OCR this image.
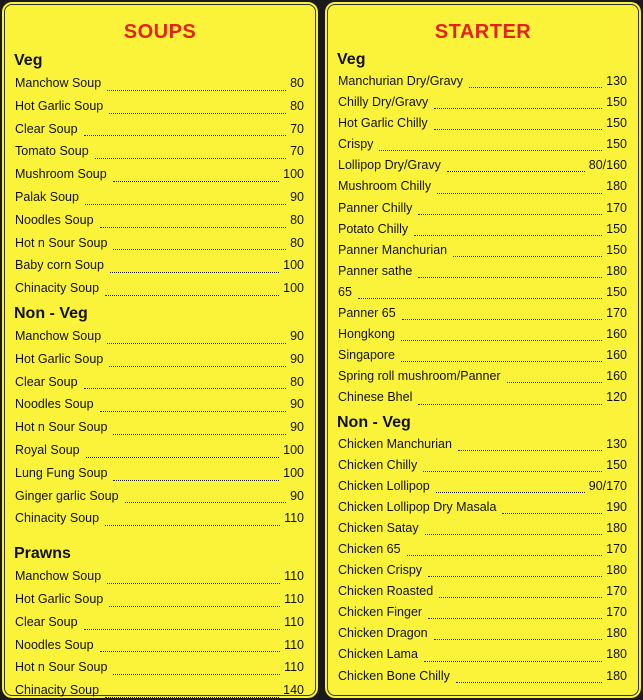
SOUPS
Veg
Manchow Soup	80
Hot Garlic Soup	80
Clear Soup	70
Tomato Soup	70
Mushroom Soup	100
Palak Soup	90
Noodles Soup	80
Hot n Sour Soup	80
Baby corn Soup	100
Chinacity Soup	100
Non - Veg
Manchow Soup	90
Hot Garlic Soup	90
Clear Soup	80
Noodles Soup	90
Hot n Sour Soup	90
Royal Soup	100
Lung Fung Soup	100
Ginger garlic Soup	90
Chinacity Soup	110
Prawns
Manchow Soup	110
Hot Garlic Soup	110
Clear Soup	110
Noodles Soup	110
Hot n Sour Soup	110
Chinacity Soup	140
STARTER
Veg
Manchurian Dry/Gravy	130
Chilly Dry/Gravy	150
Hot Garlic Chilly	150
Crispy	150
Lollipop Dry/Gravy	80/160
Mushroom Chilly	180
Panner Chilly	170
Potato Chilly	150
Panner Manchurian	150
Panner sathe	180
65	150
Panner 65	170
Hongkong	160
Singapore	160
Spring roll mushroom/Panner	160
Chinese Bhel	120
Non - Veg
Chicken Manchurian	130
Chicken Chilly	150
Chicken Lollipop	90/170
Chicken Lollipop Dry Masala	190
Chicken Satay	180
Chicken 65	170
Chicken Crispy	180
Chicken Roasted	170
Chicken Finger	170
Chicken Dragon	180
Chicken Lama	180
Chicken Bone Chilly	180
